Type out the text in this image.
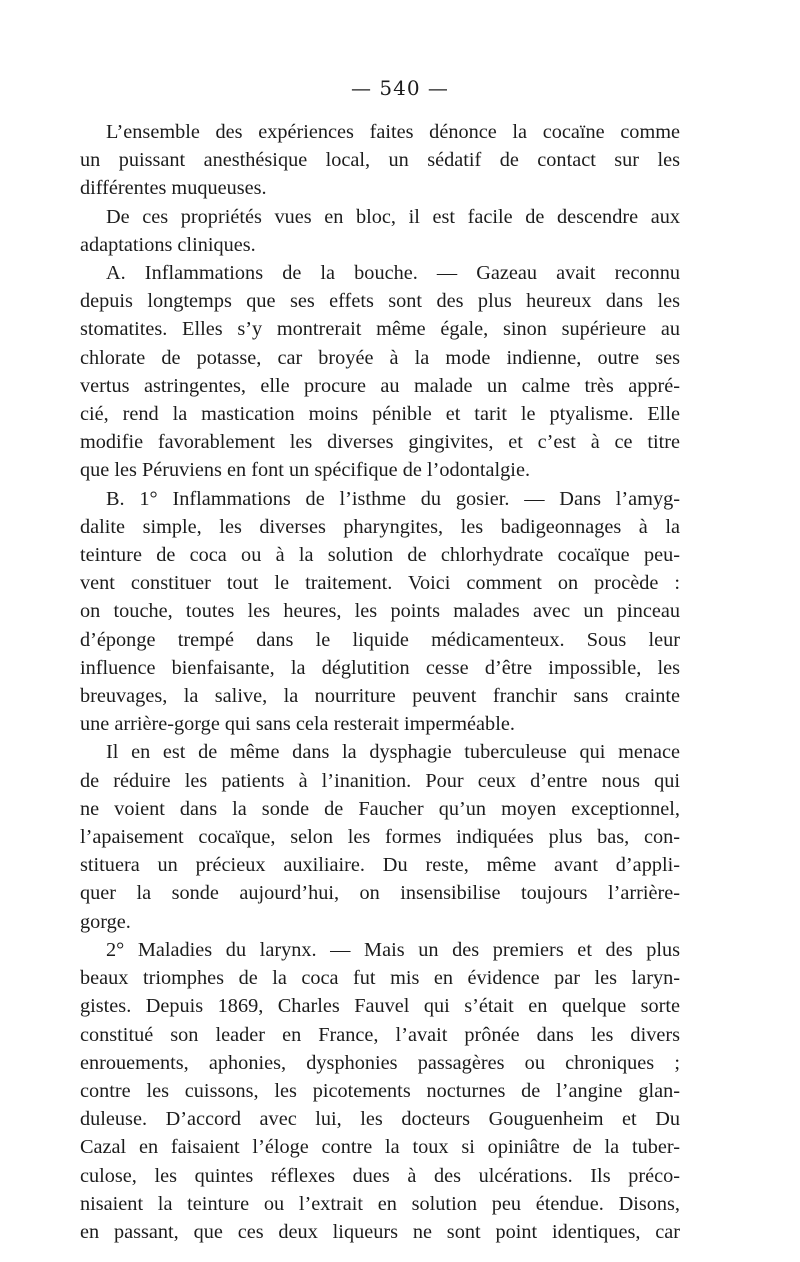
— 540 —
L’ensemble des expériences faites dénonce la cocaïne comme
un puissant anesthésique local, un sédatif de contact sur les
différentes muqueuses.
De ces propriétés vues en bloc, il est facile de descendre aux
adaptations cliniques.
A. Inflammations de la bouche. — Gazeau avait reconnu
depuis longtemps que ses effets sont des plus heureux dans les
stomatites. Elles s’y montrerait même égale, sinon supérieure au
chlorate de potasse, car broyée à la mode indienne, outre ses
vertus astringentes, elle procure au malade un calme très appré-
cié, rend la mastication moins pénible et tarit le ptyalisme. Elle
modifie favorablement les diverses gingivites, et c’est à ce titre
que les Péruviens en font un spécifique de l’odontalgie.
B. 1° Inflammations de l’isthme du gosier. — Dans l’amyg-
dalite simple, les diverses pharyngites, les badigeonnages à la
teinture de coca ou à la solution de chlorhydrate cocaïque peu-
vent constituer tout le traitement. Voici comment on procède :
on touche, toutes les heures, les points malades avec un pinceau
d’éponge trempé dans le liquide médicamenteux. Sous leur
influence bienfaisante, la déglutition cesse d’être impossible, les
breuvages, la salive, la nourriture peuvent franchir sans crainte
une arrière-gorge qui sans cela resterait imperméable.
Il en est de même dans la dysphagie tuberculeuse qui menace
de réduire les patients à l’inanition. Pour ceux d’entre nous qui
ne voient dans la sonde de Faucher qu’un moyen exceptionnel,
l’apaisement cocaïque, selon les formes indiquées plus bas, con-
stituera un précieux auxiliaire. Du reste, même avant d’appli-
quer la sonde aujourd’hui, on insensibilise toujours l’arrière-
gorge.
2° Maladies du larynx. — Mais un des premiers et des plus
beaux triomphes de la coca fut mis en évidence par les laryn-
gistes. Depuis 1869, Charles Fauvel qui s’était en quelque sorte
constitué son leader en France, l’avait prônée dans les divers
enrouements, aphonies, dysphonies passagères ou chroniques ;
contre les cuissons, les picotements nocturnes de l’angine glan-
duleuse. D’accord avec lui, les docteurs Gouguenheim et Du
Cazal en faisaient l’éloge contre la toux si opiniâtre de la tuber-
culose, les quintes réflexes dues à des ulcérations. Ils préco-
nisaient la teinture ou l’extrait en solution peu étendue. Disons,
en passant, que ces deux liqueurs ne sont point identiques, car
